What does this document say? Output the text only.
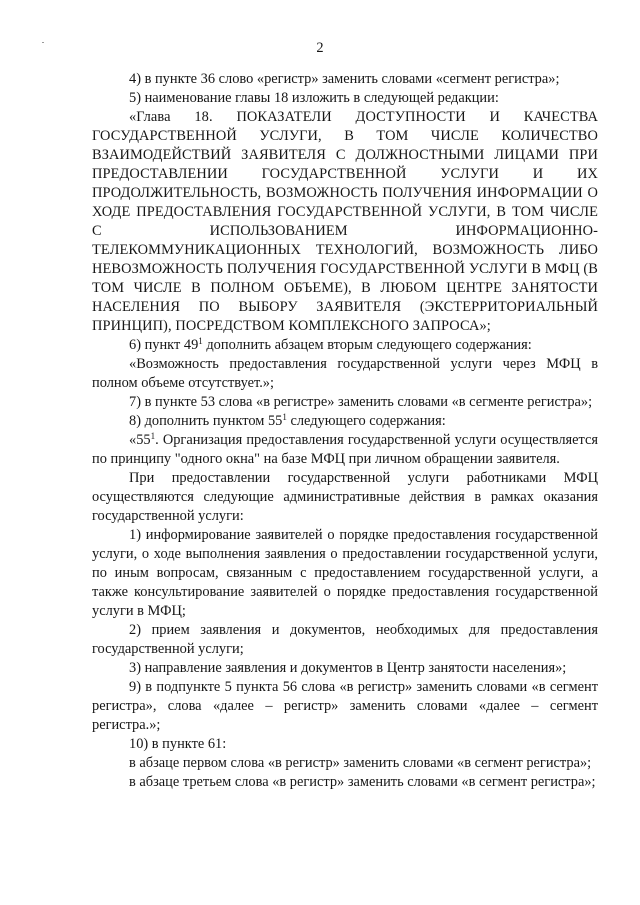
2

4) в пункте 36 слово «регистр» заменить словами «сегмент регистра»;

5) наименование главы 18 изложить в следующей редакции:

«Глава 18. ПОКАЗАТЕЛИ ДОСТУПНОСТИ И КАЧЕСТВА ГОСУДАРСТВЕННОЙ УСЛУГИ, В ТОМ ЧИСЛЕ КОЛИЧЕСТВО ВЗАИМОДЕЙСТВИЙ ЗАЯВИТЕЛЯ С ДОЛЖНОСТНЫМИ ЛИЦАМИ ПРИ ПРЕДОСТАВЛЕНИИ ГОСУДАРСТВЕННОЙ УСЛУГИ И ИХ ПРОДОЛЖИТЕЛЬНОСТЬ, ВОЗМОЖНОСТЬ ПОЛУЧЕНИЯ ИНФОРМАЦИИ О ХОДЕ ПРЕДОСТАВЛЕНИЯ ГОСУДАРСТВЕННОЙ УСЛУГИ, В ТОМ ЧИСЛЕ С ИСПОЛЬЗОВАНИЕМ ИНФОРМАЦИОННО-ТЕЛЕКОММУНИКАЦИОННЫХ ТЕХНОЛОГИЙ, ВОЗМОЖНОСТЬ ЛИБО НЕВОЗМОЖНОСТЬ ПОЛУЧЕНИЯ ГОСУДАРСТВЕННОЙ УСЛУГИ В МФЦ (В ТОМ ЧИСЛЕ В ПОЛНОМ ОБЪЕМЕ), В ЛЮБОМ ЦЕНТРЕ ЗАНЯТОСТИ НАСЕЛЕНИЯ ПО ВЫБОРУ ЗАЯВИТЕЛЯ (ЭКСТЕРРИТОРИАЛЬНЫЙ ПРИНЦИП), ПОСРЕДСТВОМ КОМПЛЕКСНОГО ЗАПРОСА»;

6) пункт $49^1$ дополнить абзацем вторым следующего содержания:

«Возможность предоставления государственной услуги через МФЦ в полном объеме отсутствует.»;

7) в пункте 53 слова «в регистре» заменить словами «в сегменте регистра»;

8) дополнить пунктом $55^1$ следующего содержания:

«$55^1$. Организация предоставления государственной услуги осуществляется по принципу "одного окна" на базе МФЦ при личном обращении заявителя.

При предоставлении государственной услуги работниками МФЦ осуществляются следующие административные действия в рамках оказания государственной услуги:

1) информирование заявителей о порядке предоставления государственной услуги, о ходе выполнения заявления о предоставлении государственной услуги, по иным вопросам, связанным с предоставлением государственной услуги, а также консультирование заявителей о порядке предоставления государственной услуги в МФЦ;

2) прием заявления и документов, необходимых для предоставления государственной услуги;

3) направление заявления и документов в Центр занятости населения»;

9) в подпункте 5 пункта 56 слова «в регистр» заменить словами «в сегмент регистра», слова «далее – регистр» заменить словами «далее – сегмент регистра.»;

10) в пункте 61:

в абзаце первом слова «в регистр» заменить словами «в сегмент регистра»;

в абзаце третьем слова «в регистр» заменить словами «в сегмент регистра»;
